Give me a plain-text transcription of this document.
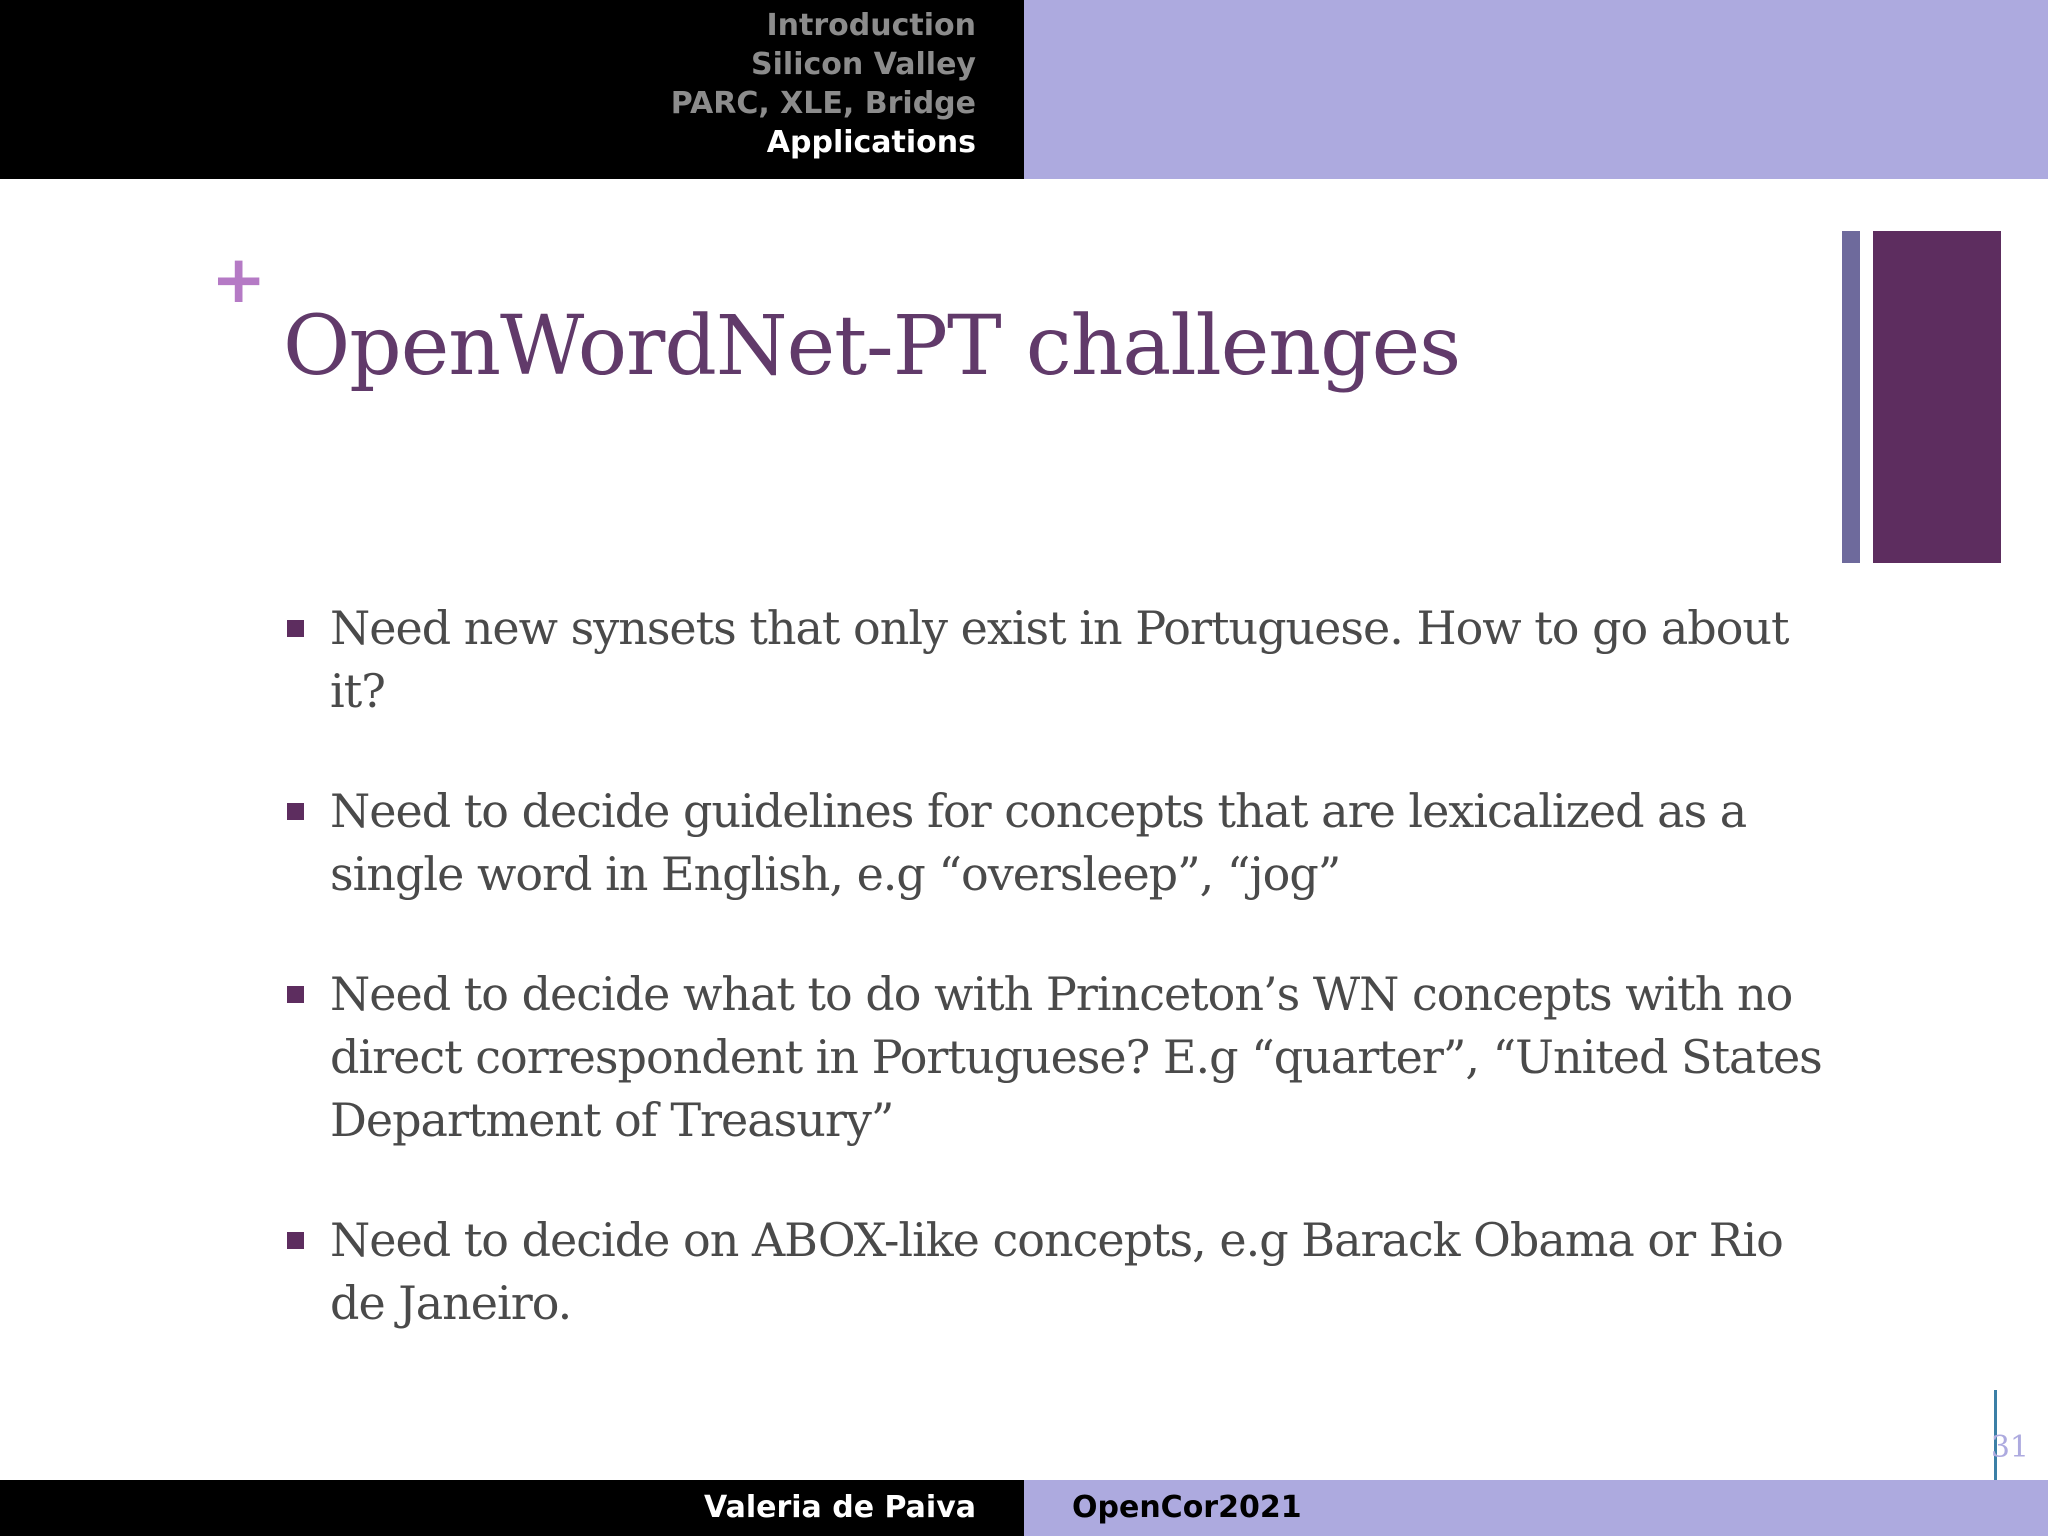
Introduction
Silicon Valley
PARC, XLE, Bridge
Applications
+
OpenWordNet-PT challenges
Need new synsets that only exist in Portuguese. How to go about it?
Need to decide guidelines for concepts that are lexicalized as a single word in English, e.g “oversleep”, “jog”
Need to decide what to do with Princeton’s WN concepts with no direct correspondent in Portuguese? E.g “quarter”, “United States Department of Treasury”
Need to decide on ABOX-like concepts, e.g Barack Obama or Rio de Janeiro.
31
Valeria de Paiva	OpenCor2021
